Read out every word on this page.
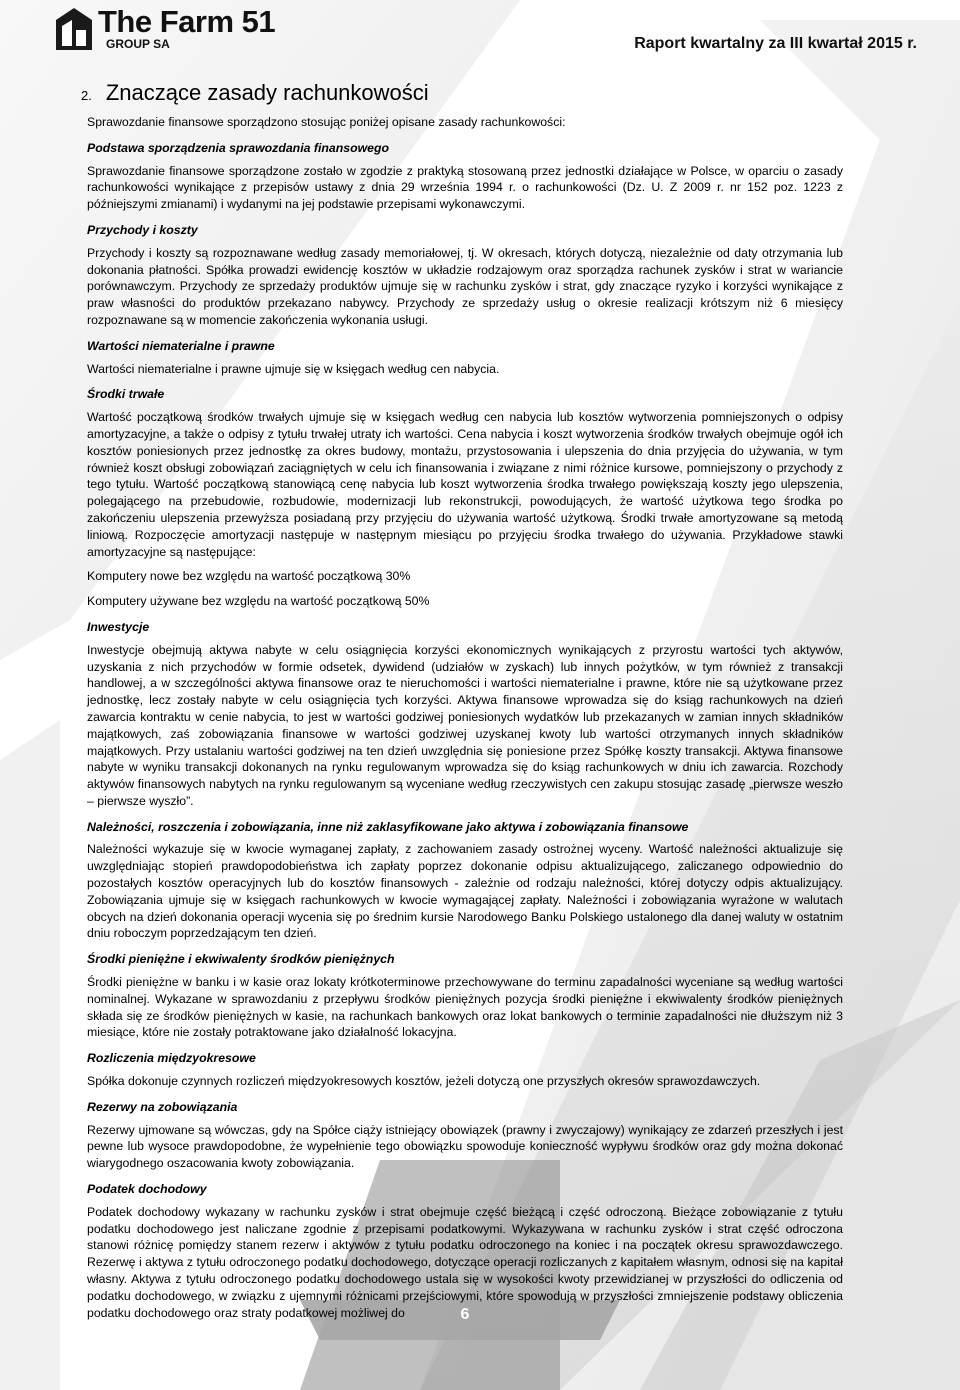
The Farm 51
GROUP SA	Raport kwartalny za III kwartał 2015 r.
2. Znaczące zasady rachunkowości

Sprawozdanie finansowe sporządzono stosując poniżej opisane zasady rachunkowości:

Podstawa sporządzenia sprawozdania finansowego

Sprawozdanie finansowe sporządzone zostało w zgodzie z praktyką stosowaną przez jednostki działające w Polsce, w oparciu o zasady rachunkowości wynikające z przepisów ustawy z dnia 29 września 1994 r. o rachunkowości (Dz. U. Z 2009 r. nr 152 poz. 1223 z późniejszymi zmianami) i wydanymi na jej podstawie przepisami wykonawczymi.

Przychody i koszty

Przychody i koszty są rozpoznawane według zasady memoriałowej, tj. W okresach, których dotyczą, niezależnie od daty otrzymania lub dokonania płatności. Spółka prowadzi ewidencję kosztów w układzie rodzajowym oraz sporządza rachunek zysków i strat w wariancie porównawczym. Przychody ze sprzedaży produktów ujmuje się w rachunku zysków i strat, gdy znaczące ryzyko i korzyści wynikające z praw własności do produktów przekazano nabywcy. Przychody ze sprzedaży usług o okresie realizacji krótszym niż 6 miesięcy rozpoznawane są w momencie zakończenia wykonania usługi.

Wartości niematerialne i prawne

Wartości niematerialne i prawne ujmuje się w księgach według cen nabycia.

Środki trwałe

Wartość początkową środków trwałych ujmuje się w księgach według cen nabycia lub kosztów wytworzenia pomniejszonych o odpisy amortyzacyjne, a także o odpisy z tytułu trwałej utraty ich wartości. Cena nabycia i koszt wytworzenia środków trwałych obejmuje ogół ich kosztów poniesionych przez jednostkę za okres budowy, montażu, przystosowania i ulepszenia do dnia przyjęcia do używania, w tym również koszt obsługi zobowiązań zaciągniętych w celu ich finansowania i związane z nimi różnice kursowe, pomniejszony o przychody z tego tytułu. Wartość początkową stanowiącą cenę nabycia lub koszt wytworzenia środka trwałego powiększają koszty jego ulepszenia, polegającego na przebudowie, rozbudowie, modernizacji lub rekonstrukcji, powodujących, że wartość użytkowa tego środka po zakończeniu ulepszenia przewyższa posiadaną przy przyjęciu do używania wartość użytkową. Środki trwałe amortyzowane są metodą liniową. Rozpoczęcie amortyzacji następuje w następnym miesiącu po przyjęciu środka trwałego do używania. Przykładowe stawki amortyzacyjne są następujące:

Komputery nowe bez względu na wartość początkową 30%

Komputery używane bez względu na wartość początkową 50%

Inwestycje

Inwestycje obejmują aktywa nabyte w celu osiągnięcia korzyści ekonomicznych wynikających z przyrostu wartości tych aktywów, uzyskania z nich przychodów w formie odsetek, dywidend (udziałów w zyskach) lub innych pożytków, w tym również z transakcji handlowej, a w szczególności aktywa finansowe oraz te nieruchomości i wartości niematerialne i prawne, które nie są użytkowane przez jednostkę, lecz zostały nabyte w celu osiągnięcia tych korzyści. Aktywa finansowe wprowadza się do ksiąg rachunkowych na dzień zawarcia kontraktu w cenie nabycia, to jest w wartości godziwej poniesionych wydatków lub przekazanych w zamian innych składników majątkowych, zaś zobowiązania finansowe w wartości godziwej uzyskanej kwoty lub wartości otrzymanych innych składników majątkowych. Przy ustalaniu wartości godziwej na ten dzień uwzględnia się poniesione przez Spółkę koszty transakcji. Aktywa finansowe nabyte w wyniku transakcji dokonanych na rynku regulowanym wprowadza się do ksiąg rachunkowych w dniu ich zawarcia. Rozchody aktywów finansowych nabytych na rynku regulowanym są wyceniane według rzeczywistych cen zakupu stosując zasadę „pierwsze weszło – pierwsze wyszło”.

Należności, roszczenia i zobowiązania, inne niż zaklasyfikowane jako aktywa i zobowiązania finansowe

Należności wykazuje się w kwocie wymaganej zapłaty, z zachowaniem zasady ostrożnej wyceny. Wartość należności aktualizuje się uwzględniając stopień prawdopodobieństwa ich zapłaty poprzez dokonanie odpisu aktualizującego, zaliczanego odpowiednio do pozostałych kosztów operacyjnych lub do kosztów finansowych - zależnie od rodzaju należności, której dotyczy odpis aktualizujący. Zobowiązania ujmuje się w księgach rachunkowych w kwocie wymagającej zapłaty. Należności i zobowiązania wyrażone w walutach obcych na dzień dokonania operacji wycenia się po średnim kursie Narodowego Banku Polskiego ustalonego dla danej waluty w ostatnim dniu roboczym poprzedzającym ten dzień.

Środki pieniężne i ekwiwalenty środków pieniężnych

Środki pieniężne w banku i w kasie oraz lokaty krótkoterminowe przechowywane do terminu zapadalności wyceniane są według wartości nominalnej. Wykazane w sprawozdaniu z przepływu środków pieniężnych pozycja środki pieniężne i ekwiwalenty środków pieniężnych składa się ze środków pieniężnych w kasie, na rachunkach bankowych oraz lokat bankowych o terminie zapadalności nie dłuższym niż 3 miesiące, które nie zostały potraktowane jako działalność lokacyjna.

Rozliczenia międzyokresowe

Spółka dokonuje czynnych rozliczeń międzyokresowych kosztów, jeżeli dotyczą one przyszłych okresów sprawozdawczych.

Rezerwy na zobowiązania

Rezerwy ujmowane są wówczas, gdy na Spółce ciąży istniejący obowiązek (prawny i zwyczajowy) wynikający ze zdarzeń przeszłych i jest pewne lub wysoce prawdopodobne, że wypełnienie tego obowiązku spowoduje konieczność wypływu środków oraz gdy można dokonać wiarygodnego oszacowania kwoty zobowiązania.

Podatek dochodowy

Podatek dochodowy wykazany w rachunku zysków i strat obejmuje część bieżącą i część odroczoną. Bieżące zobowiązanie z tytułu podatku dochodowego jest naliczane zgodnie z przepisami podatkowymi. Wykazywana w rachunku zysków i strat część odroczona stanowi różnicę pomiędzy stanem rezerw i aktywów z tytułu podatku odroczonego na koniec i na początek okresu sprawozdawczego. Rezerwę i aktywa z tytułu odroczonego podatku dochodowego, dotyczące operacji rozliczanych z kapitałem własnym, odnosi się na kapitał własny. Aktywa z tytułu odroczonego podatku dochodowego ustala się w wysokości kwoty przewidzianej w przyszłości do odliczenia od podatku dochodowego, w związku z ujemnymi różnicami przejściowymi, które spowodują w przyszłości zmniejszenie podstawy obliczenia podatku dochodowego oraz straty podatkowej możliwej do	6
